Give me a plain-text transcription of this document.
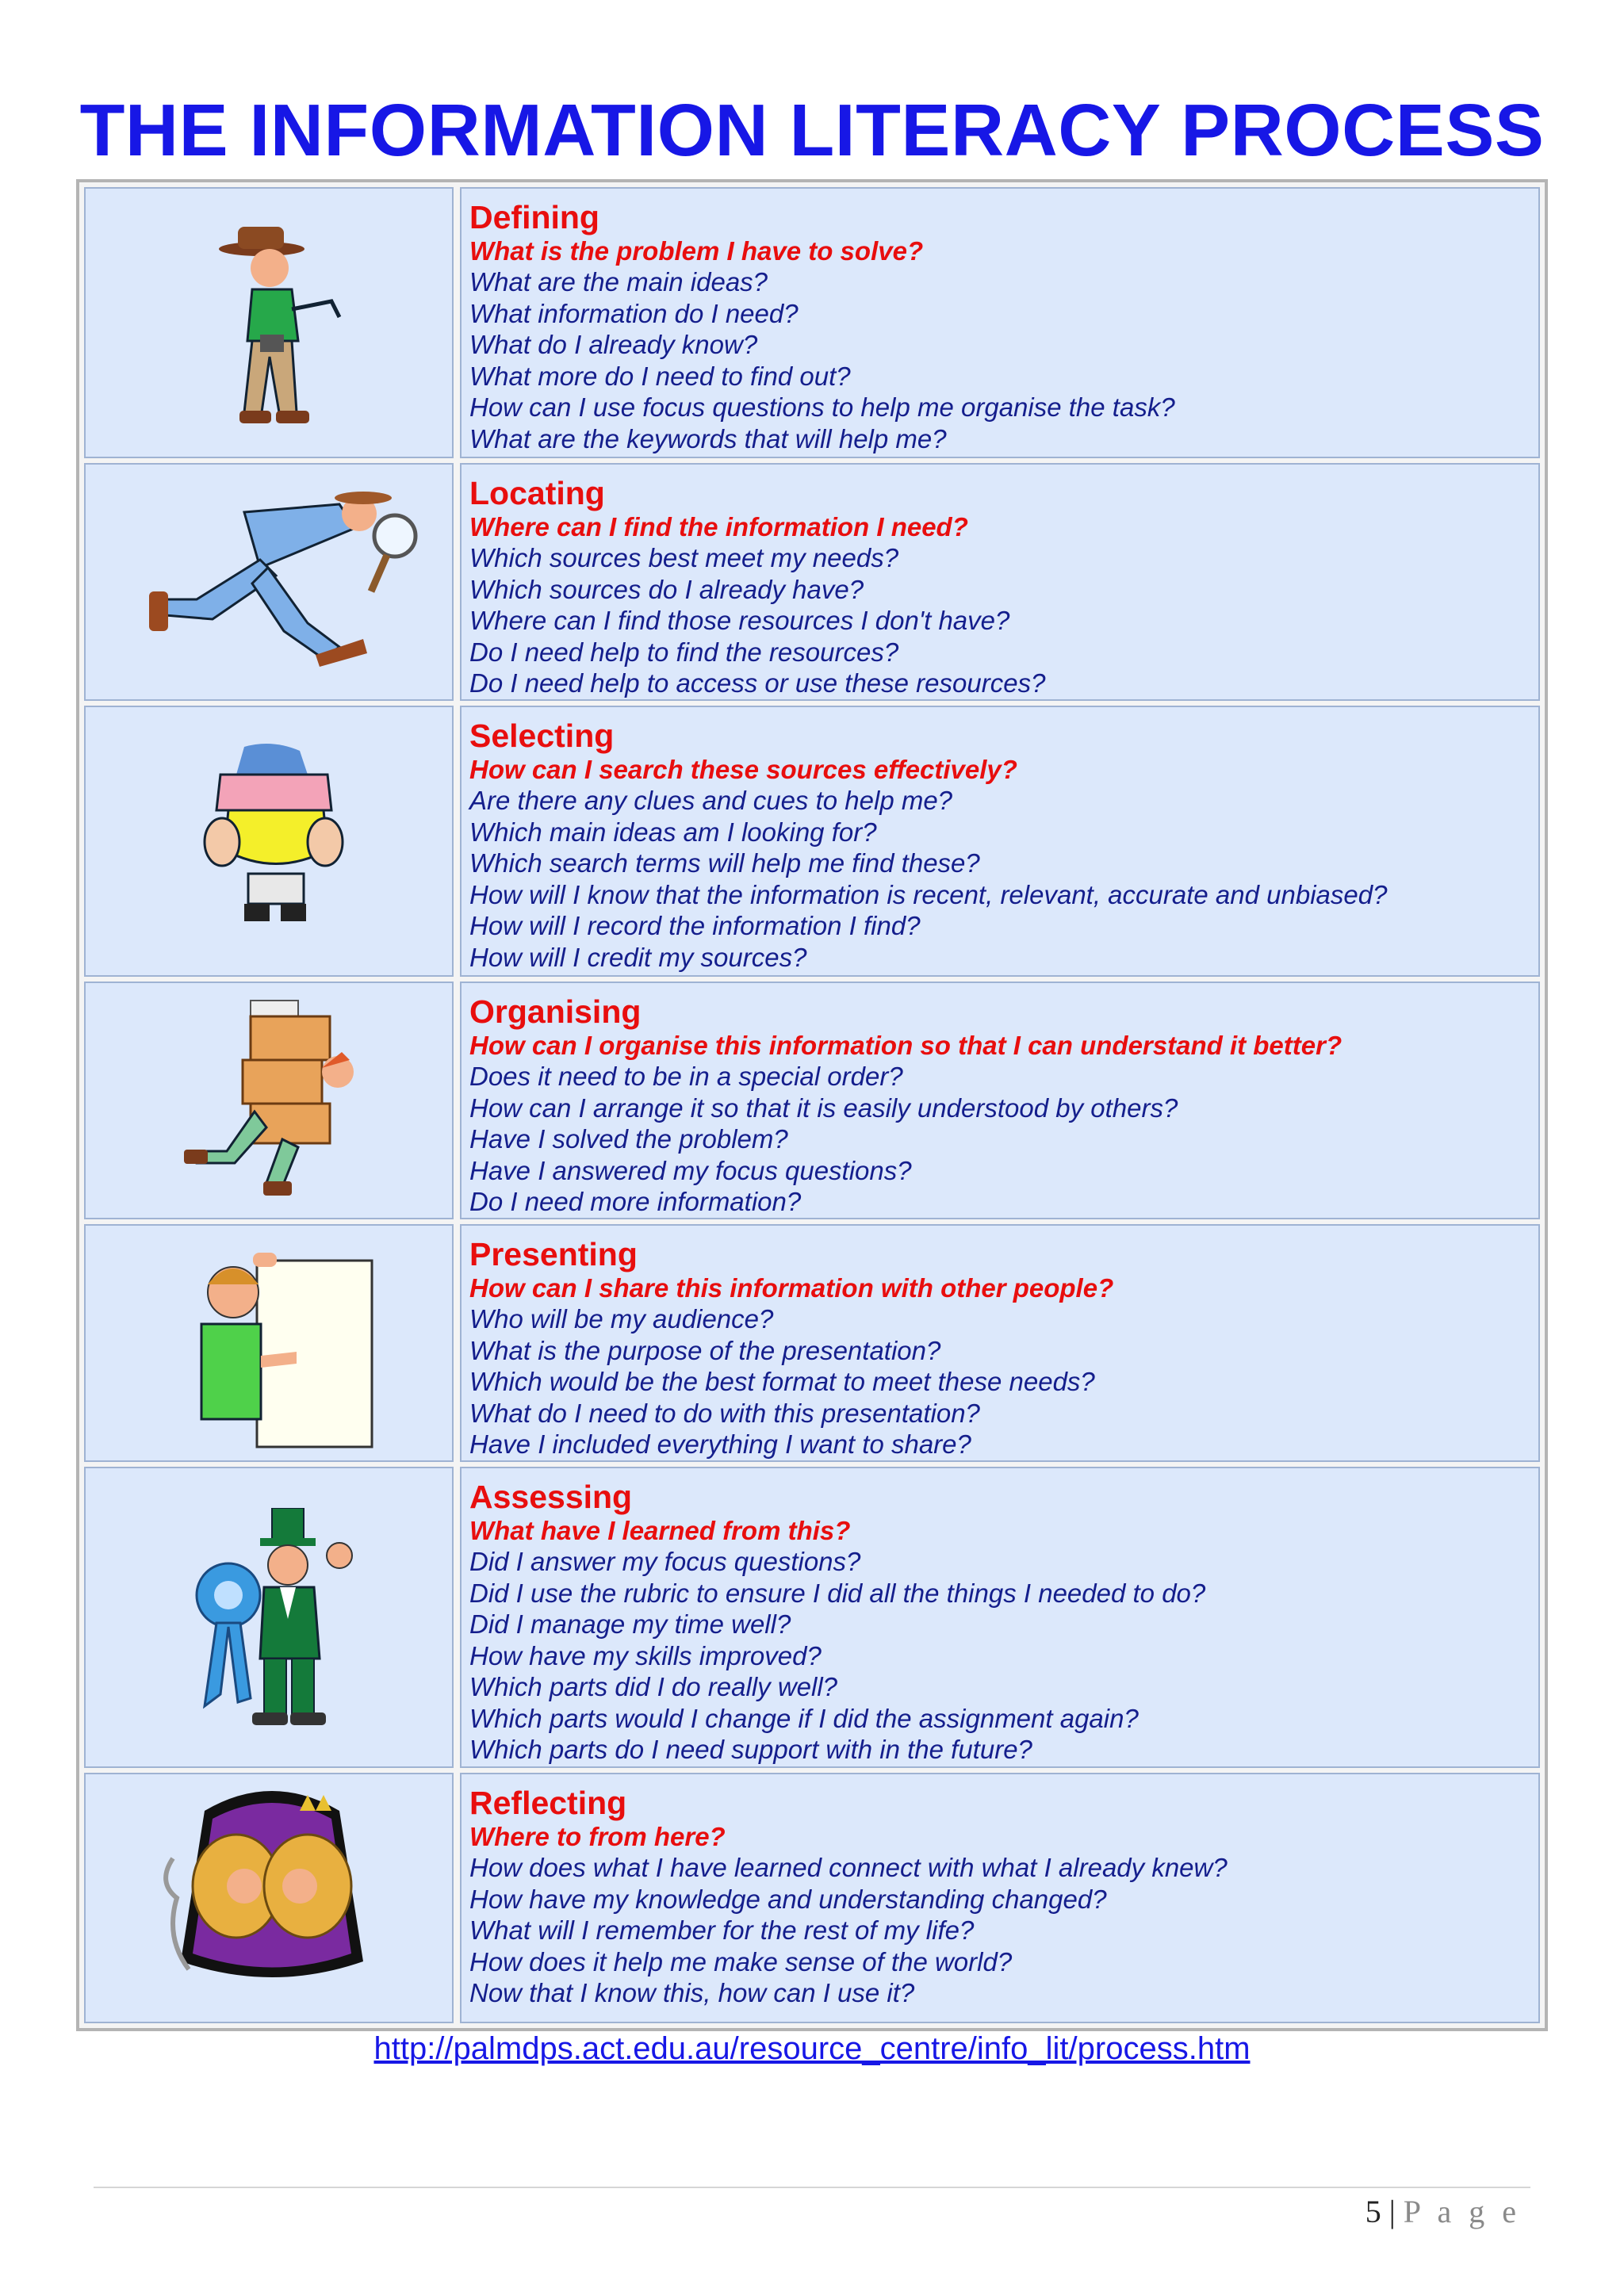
THE INFORMATION LITERACY PROCESS
Defining
What is the problem I have to solve?
What are the main ideas?
What information do I need?
What do I already know?
What more do I need to find out?
How can I use focus questions to help me organise the task?
What are the keywords that will help me?
Locating
Where can I find the information I need?
Which sources best meet my needs?
Which sources do I already have?
Where can I find those resources I don't have?
Do I need help to find the resources?
Do I need help to access or use these resources?
Selecting
How can I search these sources effectively?
Are there any clues and cues to help me?
Which main ideas am I looking for?
Which search terms will help me find these?
How will I know that the information is recent, relevant, accurate and unbiased?
How will I record the information I find?
How will I credit my sources?
Organising
How can I organise this information so that I can understand it better?
Does it need to be in a special order?
How can I arrange it so that it is easily understood by others?
Have I solved the problem?
Have I answered my focus questions?
Do I need more information?
Presenting
How can I share this information with other people?
Who will be my audience?
What is the purpose of the presentation?
Which would be the best format to meet these needs?
What do I need to do with this presentation?
Have I included everything I want to share?
Assessing
What have I learned from this?
Did I answer my focus questions?
Did I use the rubric to ensure I did all the things I needed to do?
Did I manage my time well?
How have my skills improved?
Which parts did I do really well?
Which parts would I change if I did the assignment again?
Which parts do I need support with in the future?
Reflecting
Where to from here?
How does what I have learned connect with what I already knew?
How have my knowledge and understanding changed?
What will I remember for the rest of my life?
How does it help me make sense of the world?
Now that I know this, how can I use it?
http://palmdps.act.edu.au/resource_centre/info_lit/process.htm
5 | P a g e
